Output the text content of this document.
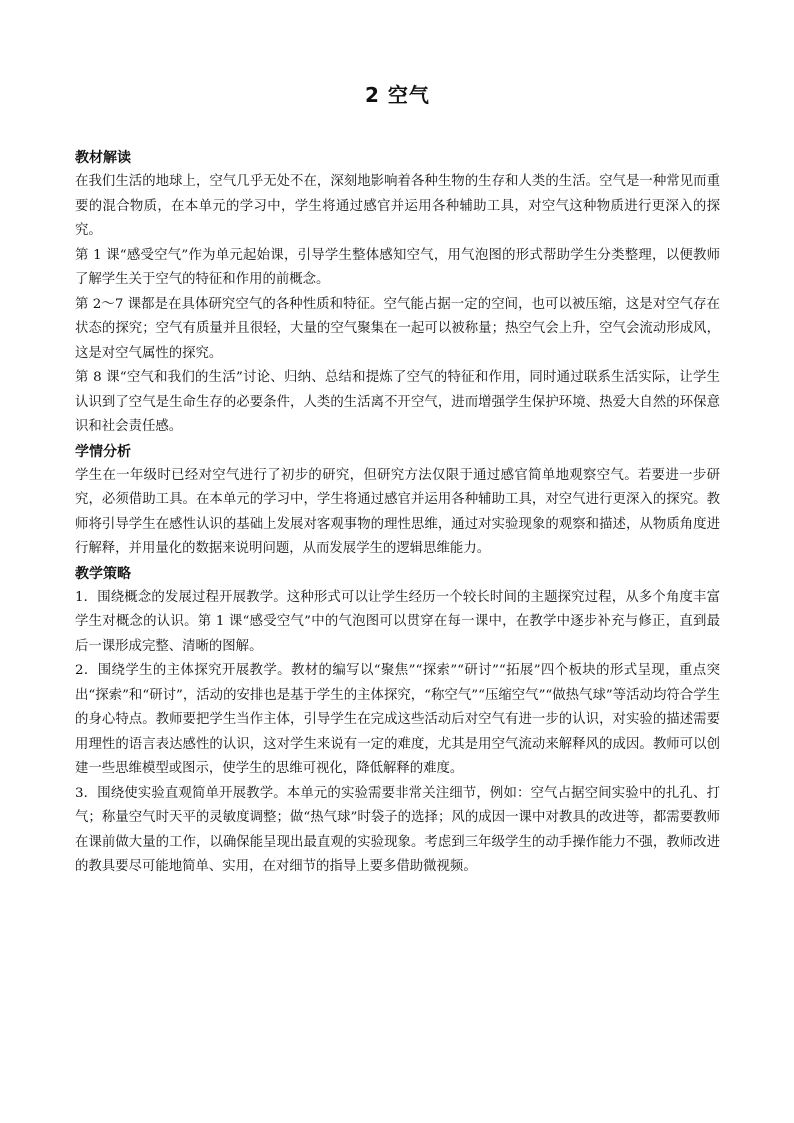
2 空气
教材解读

在我们生活的地球上，空气几乎无处不在，深刻地影响着各种生物的生存和人类的生活。空气是一种常见而重要的混合物质，在本单元的学习中，学生将通过感官并运用各种辅助工具，对空气这种物质进行更深入的探究。

第 1 课“感受空气”作为单元起始课，引导学生整体感知空气，用气泡图的形式帮助学生分类整理，以便教师了解学生关于空气的特征和作用的前概念。

第 2～7 课都是在具体研究空气的各种性质和特征。空气能占据一定的空间，也可以被压缩，这是对空气存在状态的探究；空气有质量并且很轻，大量的空气聚集在一起可以被称量；热空气会上升，空气会流动形成风，这是对空气属性的探究。

第 8 课“空气和我们的生活”讨论、归纳、总结和提炼了空气的特征和作用，同时通过联系生活实际，让学生认识到了空气是生命生存的必要条件，人类的生活离不开空气，进而增强学生保护环境、热爱大自然的环保意识和社会责任感。

学情分析

学生在一年级时已经对空气进行了初步的研究，但研究方法仅限于通过感官简单地观察空气。若要进一步研究，必须借助工具。在本单元的学习中，学生将通过感官并运用各种辅助工具，对空气进行更深入的探究。教师将引导学生在感性认识的基础上发展对客观事物的理性思维，通过对实验现象的观察和描述，从物质角度进行解释，并用量化的数据来说明问题，从而发展学生的逻辑思维能力。

教学策略

1．围绕概念的发展过程开展教学。这种形式可以让学生经历一个较长时间的主题探究过程，从多个角度丰富学生对概念的认识。第 1 课“感受空气”中的气泡图可以贯穿在每一课中，在教学中逐步补充与修正，直到最后一课形成完整、清晰的图解。

2．围绕学生的主体探究开展教学。教材的编写以“聚焦”“探索”“研讨”“拓展”四个板块的形式呈现，重点突出“探索”和“研讨”，活动的安排也是基于学生的主体探究，“称空气”“压缩空气”“做热气球”等活动均符合学生的身心特点。教师要把学生当作主体，引导学生在完成这些活动后对空气有进一步的认识，对实验的描述需要用理性的语言表达感性的认识，这对学生来说有一定的难度，尤其是用空气流动来解释风的成因。教师可以创建一些思维模型或图示，使学生的思维可视化，降低解释的难度。

3．围绕使实验直观简单开展教学。本单元的实验需要非常关注细节，例如：空气占据空间实验中的扎孔、打气；称量空气时天平的灵敏度调整；做“热气球”时袋子的选择；风的成因一课中对教具的改进等，都需要教师在课前做大量的工作，以确保能呈现出最直观的实验现象。考虑到三年级学生的动手操作能力不强，教师改进的教具要尽可能地简单、实用，在对细节的指导上要多借助微视频。
